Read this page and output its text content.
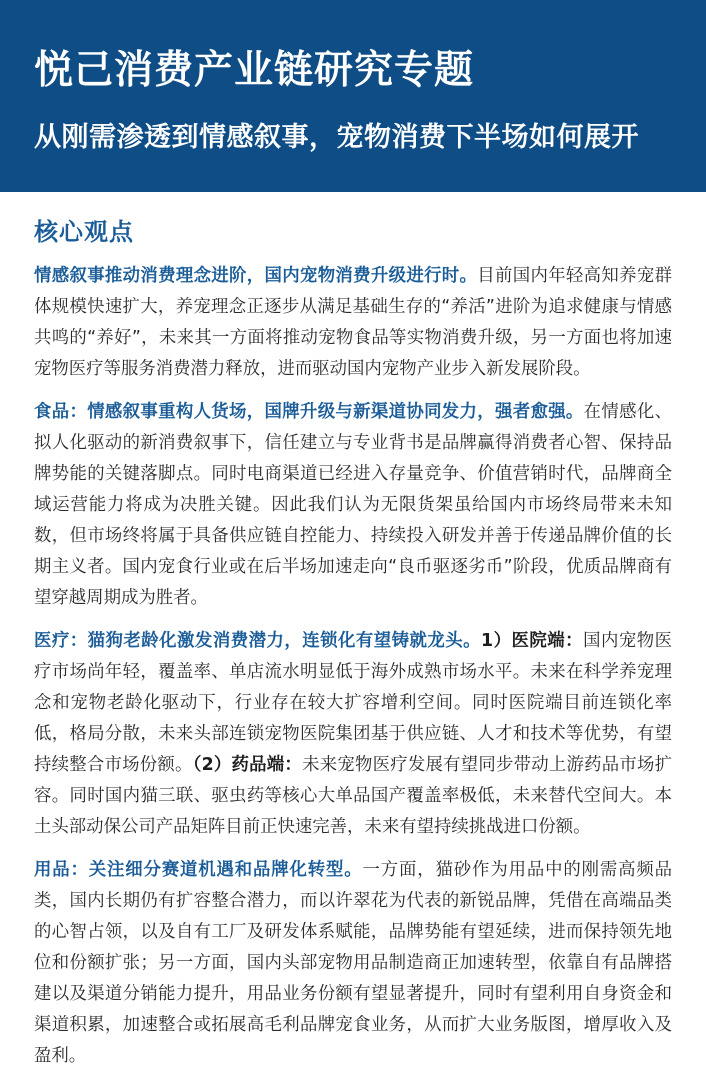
悦己消费产业链研究专题
从刚需渗透到情感叙事，宠物消费下半场如何展开
核心观点

情感叙事推动消费理念进阶，国内宠物消费升级进行时。目前国内年轻高知养宠群体规模快速扩大，养宠理念正逐步从满足基础生存的“养活”进阶为追求健康与情感共鸣的“养好”，未来其一方面将推动宠物食品等实物消费升级，另一方面也将加速宠物医疗等服务消费潜力释放，进而驱动国内宠物产业步入新发展阶段。

食品：情感叙事重构人货场，国牌升级与新渠道协同发力，强者愈强。在情感化、拟人化驱动的新消费叙事下，信任建立与专业背书是品牌赢得消费者心智、保持品牌势能的关键落脚点。同时电商渠道已经进入存量竞争、价值营销时代，品牌商全域运营能力将成为决胜关键。因此我们认为无限货架虽给国内市场终局带来未知数，但市场终将属于具备供应链自控能力、持续投入研发并善于传递品牌价值的长期主义者。国内宠食行业或在后半场加速走向“良币驱逐劣币”阶段，优质品牌商有望穿越周期成为胜者。

医疗：猫狗老龄化激发消费潜力，连锁化有望铸就龙头。1）医院端：国内宠物医疗市场尚年轻，覆盖率、单店流水明显低于海外成熟市场水平。未来在科学养宠理念和宠物老龄化驱动下，行业存在较大扩容增利空间。同时医院端目前连锁化率低，格局分散，未来头部连锁宠物医院集团基于供应链、人才和技术等优势，有望持续整合市场份额。（2）药品端：未来宠物医疗发展有望同步带动上游药品市场扩容。同时国内猫三联、驱虫药等核心大单品国产覆盖率极低，未来替代空间大。本土头部动保公司产品矩阵目前正快速完善，未来有望持续挑战进口份额。

用品：关注细分赛道机遇和品牌化转型。一方面，猫砂作为用品中的刚需高频品类，国内长期仍有扩容整合潜力，而以许翠花为代表的新锐品牌，凭借在高端品类的心智占领，以及自有工厂及研发体系赋能，品牌势能有望延续，进而保持领先地位和份额扩张；另一方面，国内头部宠物用品制造商正加速转型，依靠自有品牌搭建以及渠道分销能力提升，用品业务份额有望显著提升，同时有望利用自身资金和渠道积累，加速整合或拓展高毛利品牌宠食业务，从而扩大业务版图，增厚收入及盈利。
